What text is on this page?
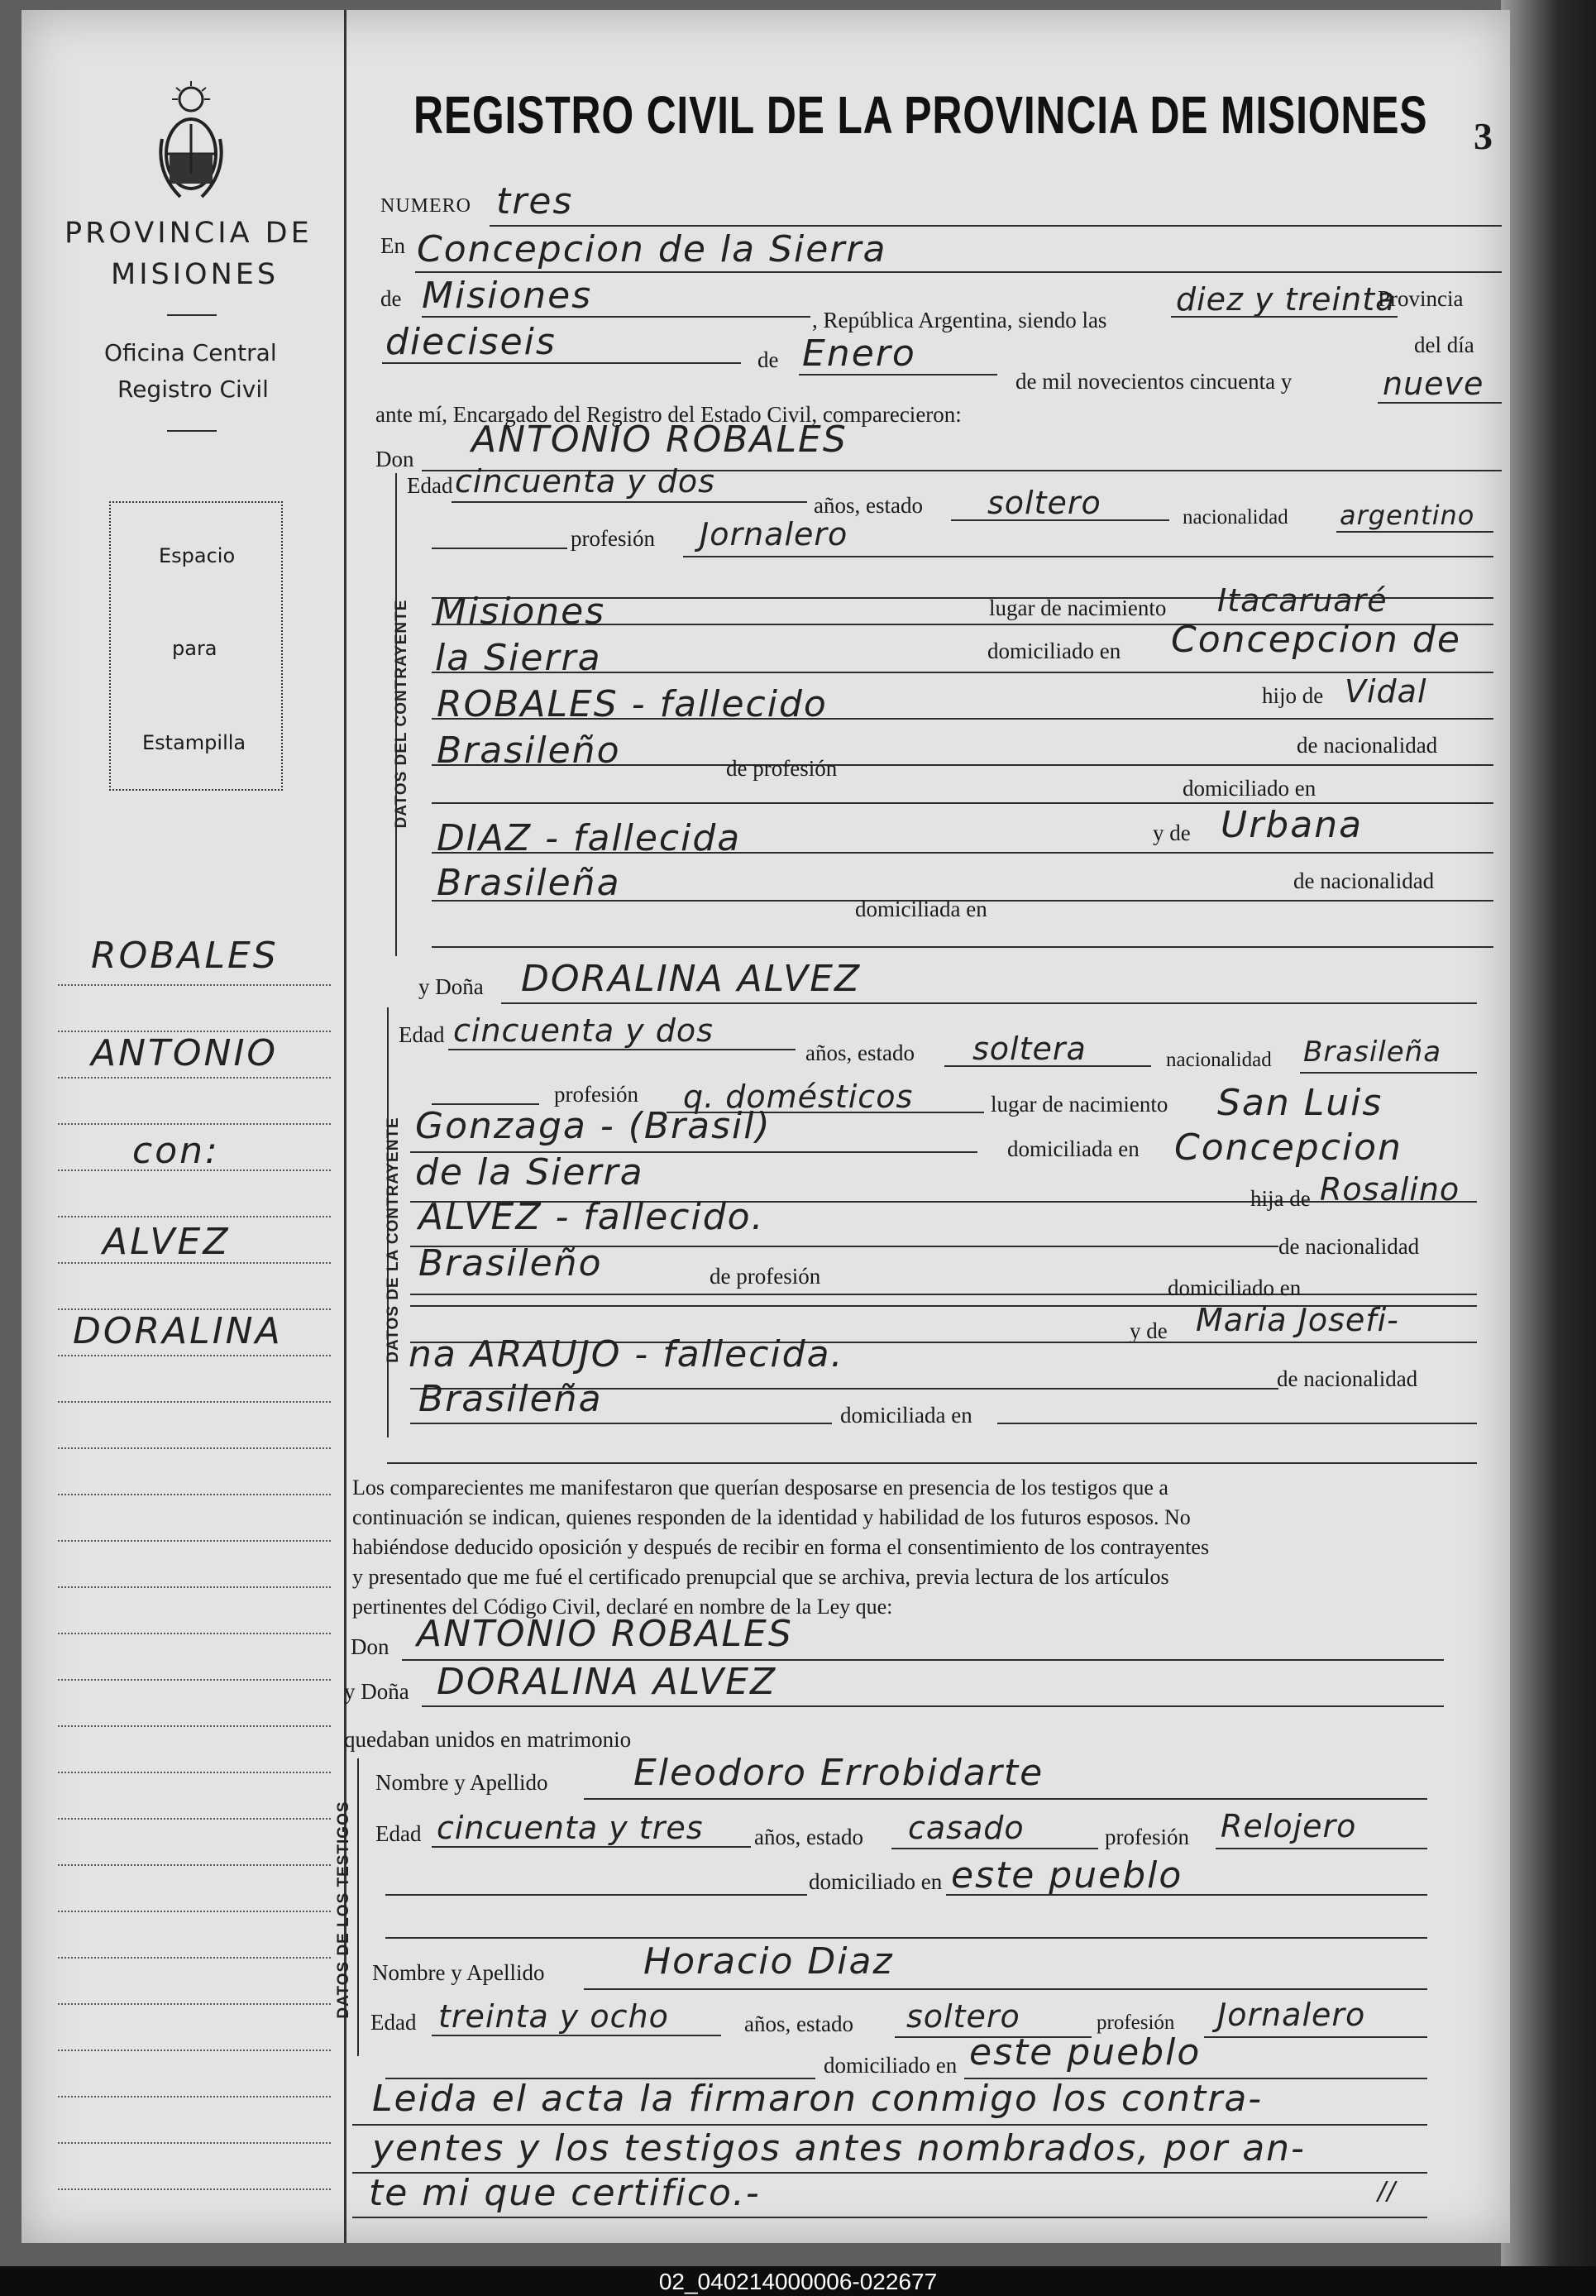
PROVINCIA DE
MISIONES
Oficina Central
Registro Civil
Espacio
para
Estampilla
ROBALES
ANTONIO
con:
ALVEZ
DORALINA
REGISTRO CIVIL DE LA PROVINCIA DE MISIONES 3
NUMERO tres
En Concepcion de la Sierra
de Misiones
, República Argentina, siendo las
diez y treinta
Provincia
del día
dieciseis	de Enero
de mil novecientos cincuenta y	nueve
ante mí, Encargado del Registro del Estado Civil, comparecieron:
Don ANTONIO ROBALES
DATOS DEL CONTRAYENTE
Edad cincuenta y dos
años, estado soltero	nacionalidad argentino
profesión Jornalero
lugar de nacimiento Itacaruaré
Misiones
domiciliado en Concepcion de
la Sierra
hijo de Vidal
ROBALES - fallecido
de nacionalidad
Brasileño	de profesión
domiciliado en
y de Urbana
DIAZ - fallecida
de nacionalidad
Brasileña
domiciliada en
y Doña DORALINA ALVEZ
DATOS DE LA CONTRAYENTE
Edad cincuenta y dos
años, estado soltera	nacionalidad Brasileña
profesión q. domésticos	lugar de nacimiento San Luis
Gonzaga - (Brasil)
domiciliada en Concepcion
de la Sierra
hija de Rosalino
ALVEZ - fallecido.
de nacionalidad
Brasileño	de profesión	domiciliado en
y de Maria Josefi-
na ARAUJO - fallecida.
de nacionalidad
Brasileña	domiciliada en
Los comparecientes me manifestaron que querían desposarse en presencia de los testigos que a
continuación se indican, quienes responden de la identidad y habilidad de los futuros esposos. No
habiéndose deducido oposición y después de recibir en forma el consentimiento de los contrayentes
y presentado que me fué el certificado prenupcial que se archiva, previa lectura de los artículos
pertinentes del Código Civil, declaré en nombre de la Ley que:
Don ANTONIO ROBALES
y Doña DORALINA ALVEZ
quedaban unidos en matrimonio
DATOS DE LOS TESTIGOS
Nombre y Apellido Eleodoro Errobidarte
Edad cincuenta y tres años, estado casado	profesión Relojero
domiciliado en este pueblo
Nombre y Apellido	Horacio Diaz
Edad treinta y ocho	años, estado soltero	profesión Jornalero
domiciliado en este pueblo
Leida el acta la firmaron conmigo los contra-
yentes y los testigos antes nombrados, por an-
te mi que certifico.-	//
02_040214000006-022677
